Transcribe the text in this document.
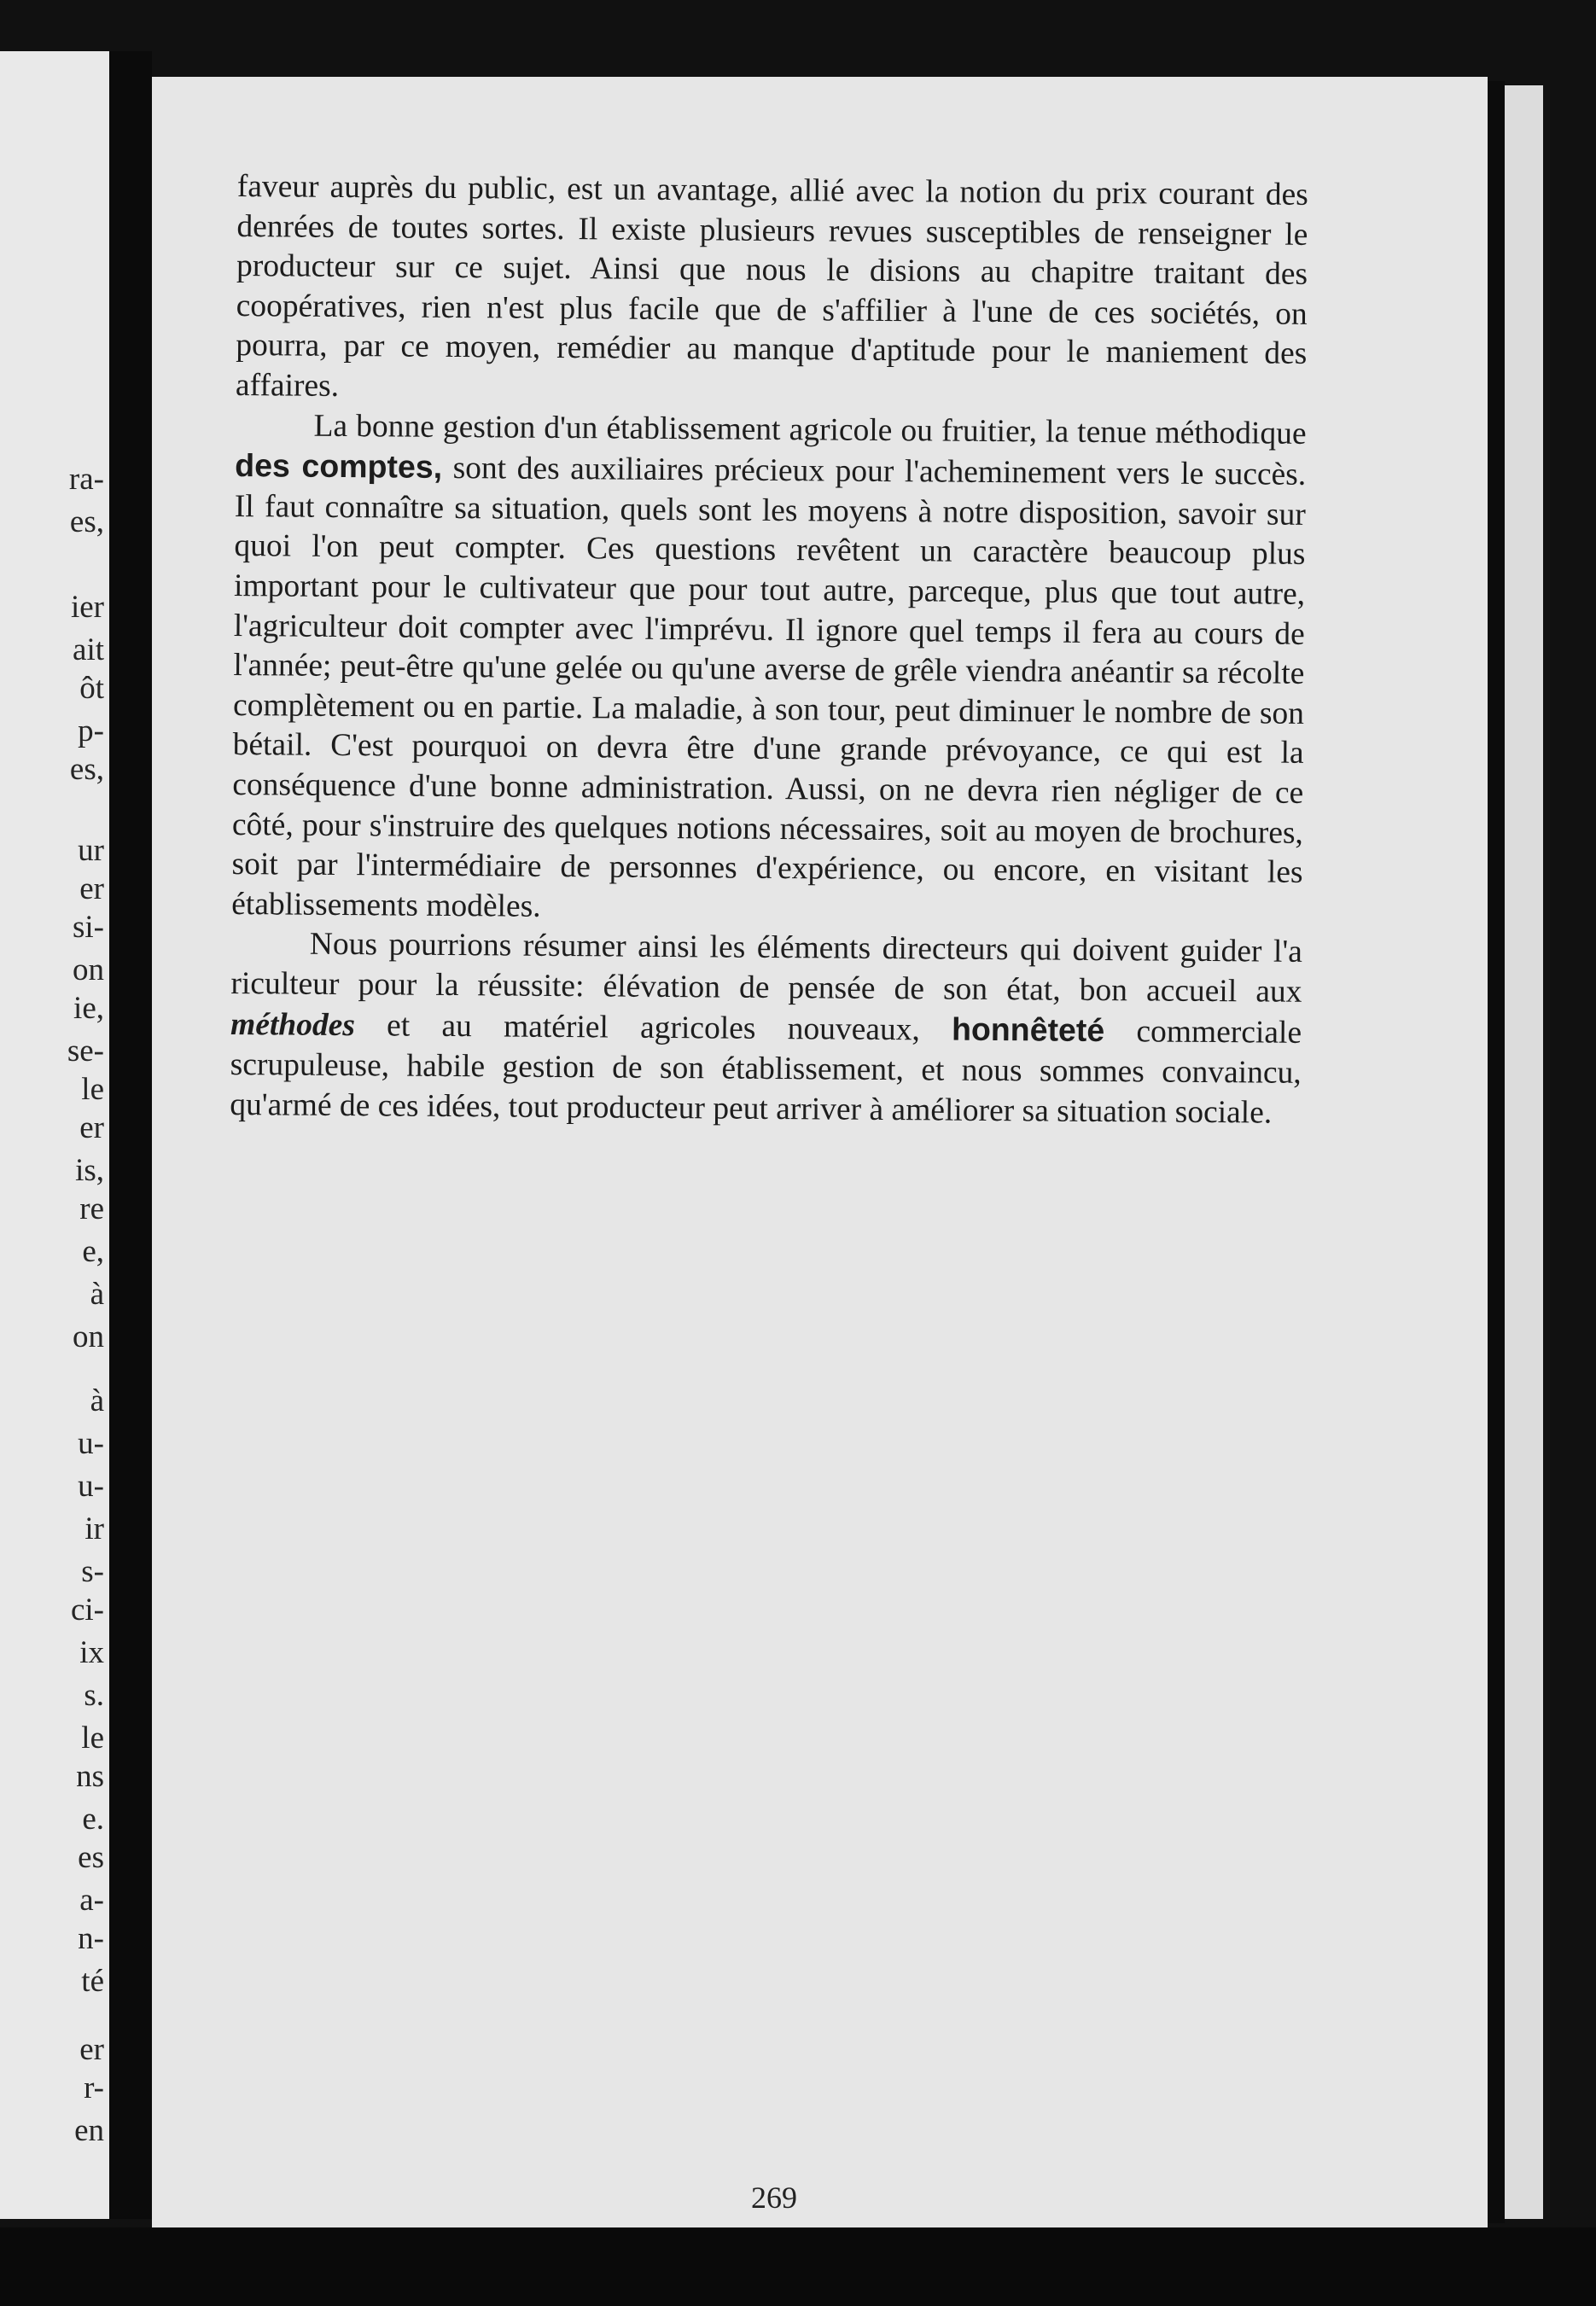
ra-
es,
ier
ait
ôt
p-
es,
ur
er
si-
on
ie,
se-
le
er
is,
re
e,
à
on
à
u-
u-
ir
s-
ci-
ix
s.
le
ns
e.
es
a-
n-
té
er
r-
en

faveur auprès du public, est un avantage, allié avec la notion du prix courant des denrées de toutes sortes. Il existe plusieurs revues susceptibles de renseigner le producteur sur ce sujet. Ainsi que nous le disions au chapitre traitant des coopératives, rien n'est plus facile que de s'affilier à l'une de ces sociétés, on pourra, par ce moyen, remédier au manque d'aptitude pour le maniement des affaires.

La bonne gestion d'un établissement agricole ou fruitier, la tenue méthodique des comptes, sont des auxiliaires précieux pour l'acheminement vers le succès. Il faut connaître sa situation, quels sont les moyens à notre disposition, savoir sur quoi l'on peut compter. Ces questions revêtent un caractère beaucoup plus important pour le cultivateur que pour tout autre, parceque, plus que tout autre, l'agriculteur doit compter avec l'imprévu. Il ignore quel temps il fera au cours de l'année; peut-être qu'une gelée ou qu'une averse de grêle viendra anéantir sa récolte complètement ou en partie. La maladie, à son tour, peut diminuer le nombre de son bétail. C'est pourquoi on devra être d'une grande prévoyance, ce qui est la conséquence d'une bonne administration. Aussi, on ne devra rien négliger de ce côté, pour s'instruire des quelques notions nécessaires, soit au moyen de brochures, soit par l'intermédiaire de personnes d'expérience, ou encore, en visitant les établissements modèles.

Nous pourrions résumer ainsi les éléments directeurs qui doivent guider l'a riculteur pour la réussite: élévation de pensée de son état, bon accueil aux méthodes et au matériel agricoles nouveaux, honnêteté commerciale scrupuleuse, habile gestion de son établissement, et nous sommes convaincu, qu'armé de ces idées, tout producteur peut arriver à améliorer sa situation sociale.

269
